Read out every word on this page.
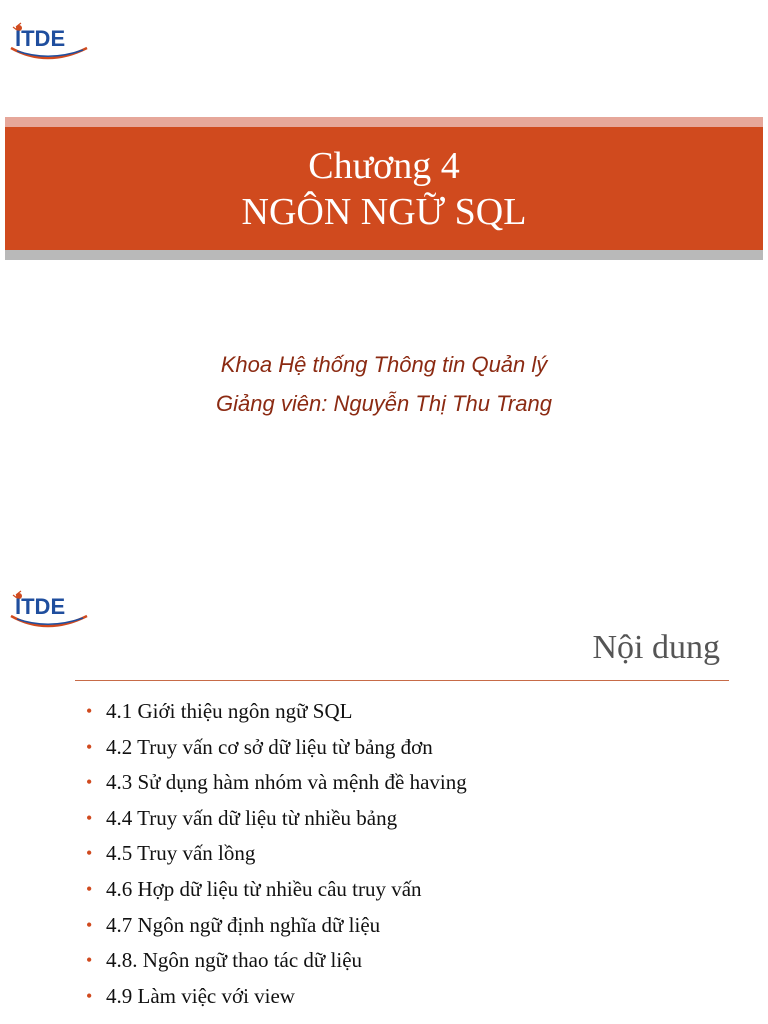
ITDE
Chương 4
NGÔN NGỮ SQL
Khoa Hệ thống Thông tin Quản lý
Giảng viên: Nguyễn Thị Thu Trang
ITDE
Nội dung
• 4.1 Giới thiệu ngôn ngữ SQL
• 4.2 Truy vấn cơ sở dữ liệu từ bảng đơn
• 4.3 Sử dụng hàm nhóm và mệnh đề having
• 4.4 Truy vấn dữ liệu từ nhiều bảng
• 4.5 Truy vấn lồng
• 4.6 Hợp dữ liệu từ nhiều câu truy vấn
• 4.7 Ngôn ngữ định nghĩa dữ liệu
• 4.8. Ngôn ngữ thao tác dữ liệu
• 4.9 Làm việc với view
